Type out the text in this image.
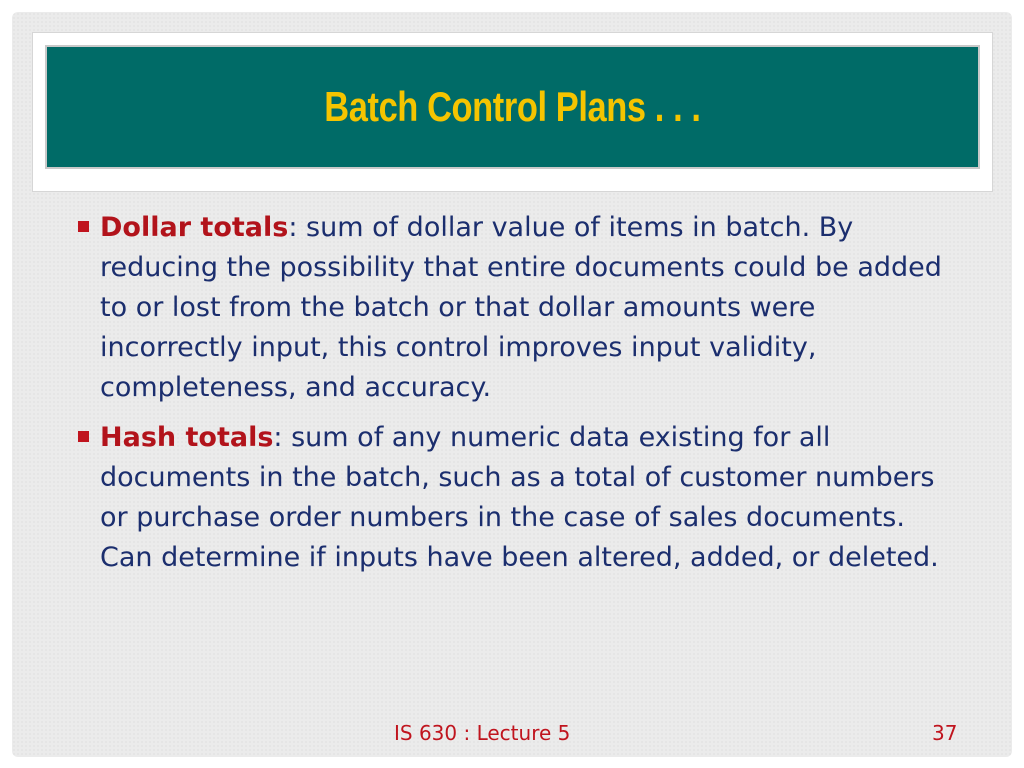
Batch Control Plans . . .
Dollar totals: sum of dollar value of items in batch. By reducing the possibility that entire documents could be added to or lost from the batch or that dollar amounts were incorrectly input, this control improves input validity, completeness, and accuracy.
Hash totals: sum of any numeric data existing for all documents in the batch, such as a total of customer numbers or purchase order numbers in the case of sales documents. Can determine if inputs have been altered, added, or deleted.
IS 630 : Lecture 5	37
